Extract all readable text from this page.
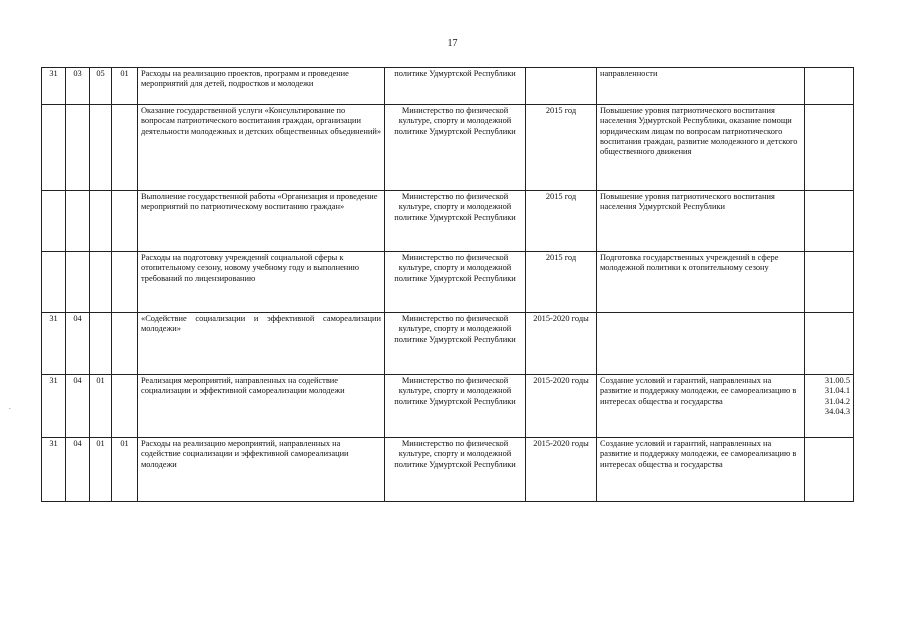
17
.
31	03	05	01	Расходы на реализацию проектов, программ и проведение мероприятий для детей, подростков и молодежи	политике Удмуртской Республики		направленности	
				Оказание государственной услуги «Консультирование по вопросам патриотического воспитания граждан, организации деятельности молодежных и детских общественных объединений»	Министерство по физической культуре, спорту и молодежной политике Удмуртской Республики	2015 год	Повышение уровня патриотического воспитания населения Удмуртской Республики, оказание помощи юридическим лицам по вопросам патриотического воспитания граждан, развитие молодежного и детского общественного движения	
				Выполнение государственной работы «Организация и проведение мероприятий по патриотическому воспитанию граждан»	Министерство по физической культуре, спорту и молодежной политике Удмуртской Республики	2015 год	Повышение уровня патриотического воспитания населения Удмуртской Республики	
				Расходы на подготовку учреждений социальной сферы к отопительному сезону, новому учебному году и выполнению требований по лицензированию	Министерство по физической культуре, спорту и молодежной политике Удмуртской Республики	2015 год	Подготовка государственных учреждений в сфере молодежной политики к отопительному сезону	
31	04			«Содействие социализации и эффективной самореализации молодежи»	Министерство по физической культуре, спорту и молодежной политике Удмуртской Республики	2015-2020 годы		
31	04	01		Реализация мероприятий, направленных на содействие социализации и эффективной самореализации молодежи	Министерство по физической культуре, спорту и молодежной политике Удмуртской Республики	2015-2020 годы	Создание условий и гарантий, направленных на развитие и поддержку молодежи, ее самореализацию в интересах общества и государства	31.00.5
31.04.1
31.04.2
34.04.3
31	04	01	01	Расходы на реализацию мероприятий, направленных на содействие социализации и эффективной самореализации молодежи	Министерство по физической культуре, спорту и молодежной политике Удмуртской Республики	2015-2020 годы	Создание условий и гарантий, направленных на развитие и поддержку молодежи, ее самореализацию в интересах общества и государства	
